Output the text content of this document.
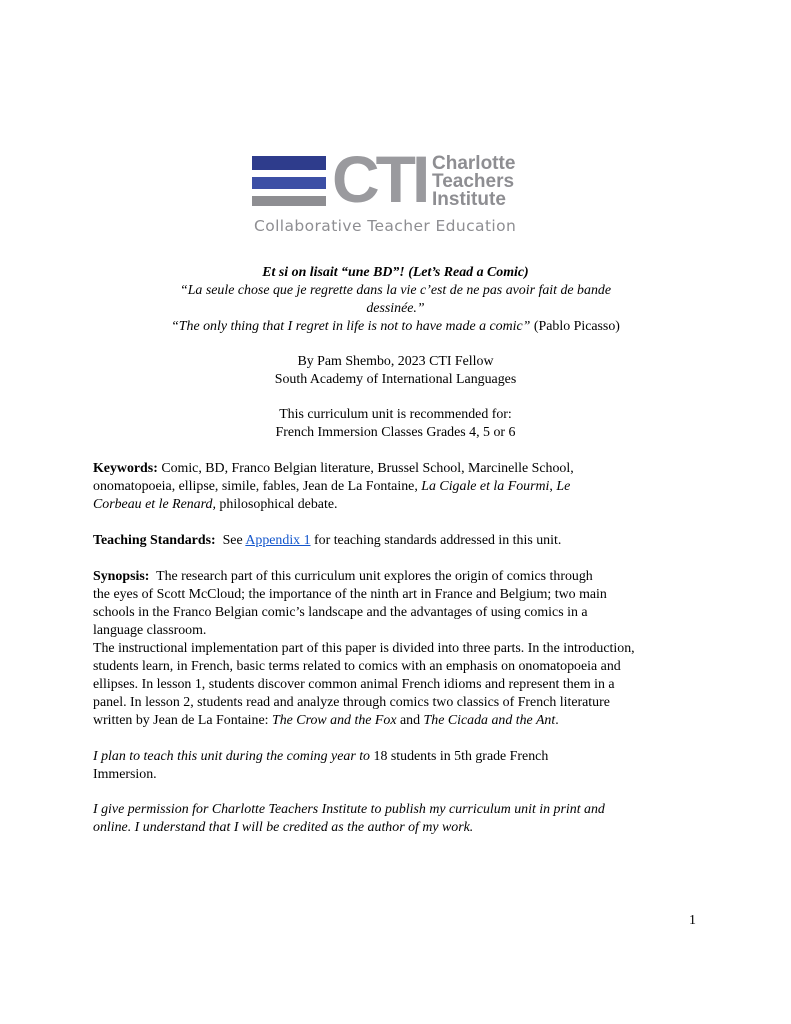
CTI Charlotte
Teachers
Institute
Collaborative Teacher Education
Et si on lisait “une BD”! (Let’s Read a Comic)
“La seule chose que je regrette dans la vie c’est de ne pas avoir fait de bande
dessinée.”
“The only thing that I regret in life is not to have made a comic” (Pablo Picasso)
By Pam Shembo, 2023 CTI Fellow
South Academy of International Languages
This curriculum unit is recommended for:
French Immersion Classes Grades 4, 5 or 6
Keywords: Comic, BD, Franco Belgian literature, Brussel School, Marcinelle School,
onomatopoeia, ellipse, simile, fables, Jean de La Fontaine, La Cigale et la Fourmi, Le
Corbeau et le Renard, philosophical debate.
Teaching Standards: See Appendix 1 for teaching standards addressed in this unit.
Synopsis: The research part of this curriculum unit explores the origin of comics through
the eyes of Scott McCloud; the importance of the ninth art in France and Belgium; two main
schools in the Franco Belgian comic’s landscape and the advantages of using comics in a
language classroom.
The instructional implementation part of this paper is divided into three parts. In the introduction,
students learn, in French, basic terms related to comics with an emphasis on onomatopoeia and
ellipses. In lesson 1, students discover common animal French idioms and represent them in a
panel. In lesson 2, students read and analyze through comics two classics of French literature
written by Jean de La Fontaine: The Crow and the Fox and The Cicada and the Ant.
I plan to teach this unit during the coming year to 18 students in 5th grade French
Immersion.
I give permission for Charlotte Teachers Institute to publish my curriculum unit in print and
online. I understand that I will be credited as the author of my work.
1
